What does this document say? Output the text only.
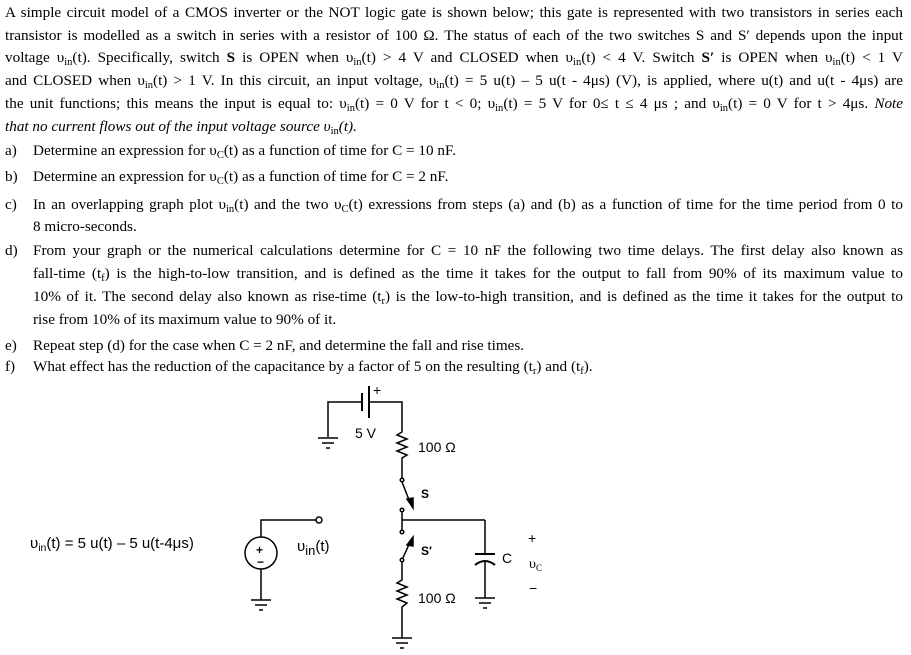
A simple circuit model of a CMOS inverter or the NOT logic gate is shown below; this gate is represented with two transistors in series each
transistor is modelled as a switch in series with a resistor of 100 Ω. The status of each of the two switches S and S′ depends upon the input
voltage $\upsilon_{in}(t)$. Specifically, switch S is OPEN when $\upsilon_{in}(t) > 4$ V and CLOSED when $\upsilon_{in}(t) < 4$ V. Switch S′ is OPEN when $\upsilon_{in}(t) < 1$ V
and CLOSED when $\upsilon_{in}(t) > 1$ V. In this circuit, an input voltage, $\upsilon_{in}(t) = 5$ u(t) – 5 u(t - 4μs) (V), is applied, where u(t) and u(t - 4μs) are
the unit functions; this means the input is equal to: $\upsilon_{in}(t) = 0$ V for t < 0; $\upsilon_{in}(t) = 5$ V for 0≤ t ≤ 4 μs ; and $\upsilon_{in}(t) = 0$ V for t > 4μs. Note
that no current flows out of the input voltage source $\upsilon_{in}(t)$.
a) Determine an expression for $\upsilon_C(t)$ as a function of time for C = 10 nF.
b) Determine an expression for $\upsilon_C(t)$ as a function of time for C = 2 nF.
c) In an overlapping graph plot $\upsilon_{in}(t)$ and the two $\upsilon_C(t)$ exressions from steps (a) and (b) as a function of time for the time period from 0 to
8 micro-seconds.
d) From your graph or the numerical calculations determine for C = 10 nF the following two time delays. The first delay also known as
fall-time $(t_f)$ is the high-to-low transition, and is defined as the time it takes for the output to fall from 90% of its maximum value to
10% of it. The second delay also known as rise-time $(t_r)$ is the low-to-high transition, and is defined as the time it takes for the output to
rise from 10% of its maximum value to 90% of it.
e) Repeat step (d) for the case when C = 2 nF, and determine the fall and rise times.
f) What effect has the reduction of the capacitance by a factor of 5 on the resulting $(t_r)$ and $(t_f)$.
$\upsilon_{in}(t) = 5$ u(t) – 5 u(t-4μs)
+
5 V
100 Ω
S
S′
100 Ω
C
+
$\upsilon_C$
−
+
−
υin(t)
